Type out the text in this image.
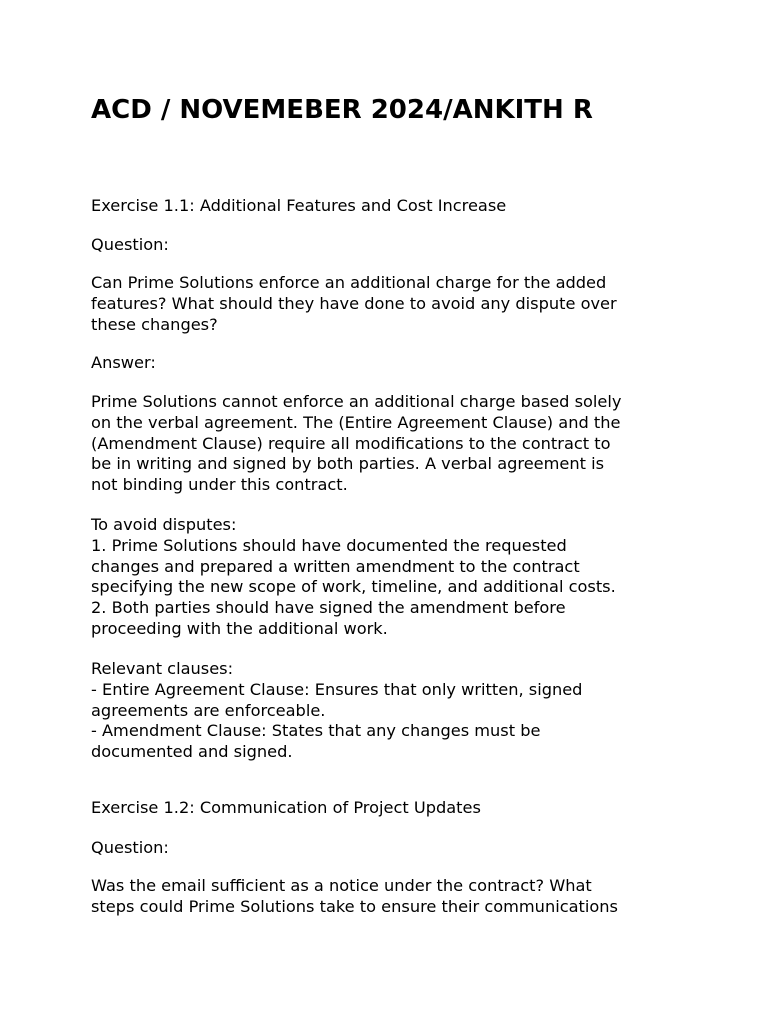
ACD / NOVEMEBER 2024/ANKITH R

Exercise 1.1: Additional Features and Cost Increase

Question:

Can Prime Solutions enforce an additional charge for the added
features? What should they have done to avoid any dispute over
these changes?

Answer:

Prime Solutions cannot enforce an additional charge based solely
on the verbal agreement. The (Entire Agreement Clause) and the
(Amendment Clause) require all modifications to the contract to
be in writing and signed by both parties. A verbal agreement is
not binding under this contract.

To avoid disputes:
1. Prime Solutions should have documented the requested
changes and prepared a written amendment to the contract
specifying the new scope of work, timeline, and additional costs.
2. Both parties should have signed the amendment before
proceeding with the additional work.

Relevant clauses:
- Entire Agreement Clause: Ensures that only written, signed
agreements are enforceable.
- Amendment Clause: States that any changes must be
documented and signed.

Exercise 1.2: Communication of Project Updates

Question:

Was the email sufficient as a notice under the contract? What
steps could Prime Solutions take to ensure their communications
